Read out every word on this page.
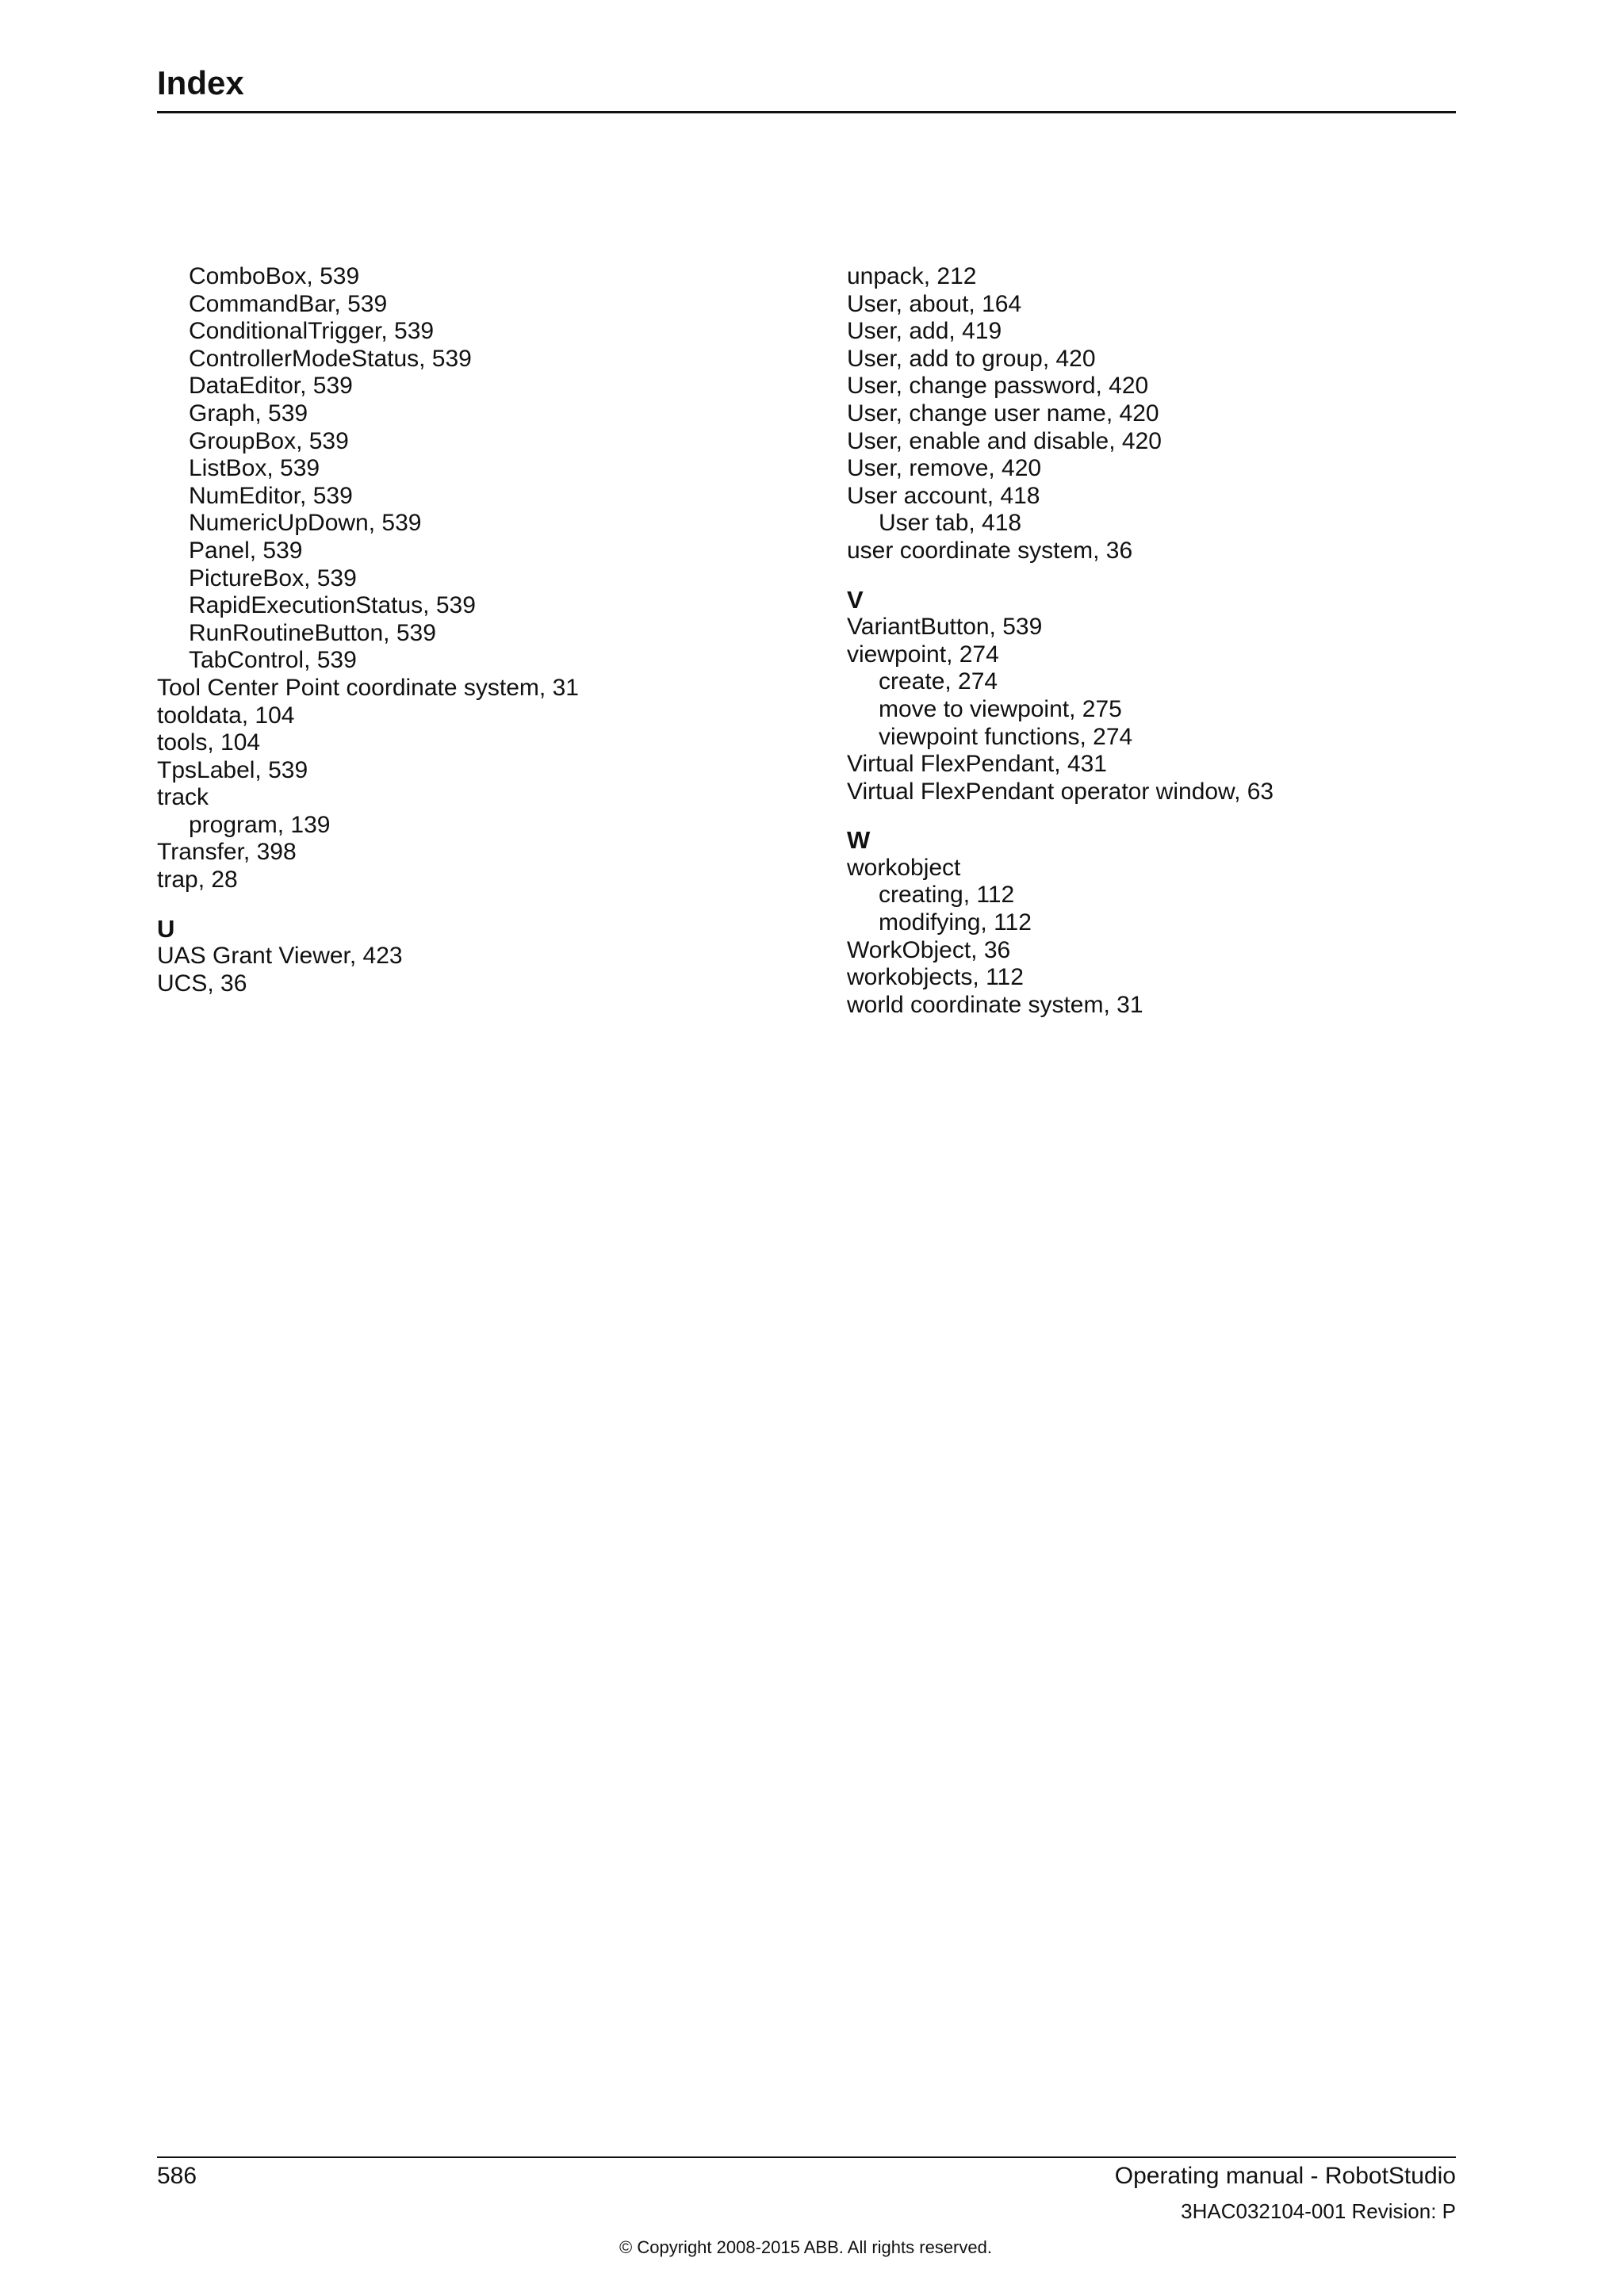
Index
ComboBox, 539
CommandBar, 539
ConditionalTrigger, 539
ControllerModeStatus, 539
DataEditor, 539
Graph, 539
GroupBox, 539
ListBox, 539
NumEditor, 539
NumericUpDown, 539
Panel, 539
PictureBox, 539
RapidExecutionStatus, 539
RunRoutineButton, 539
TabControl, 539
Tool Center Point coordinate system, 31
tooldata, 104
tools, 104
TpsLabel, 539
track
program, 139
Transfer, 398
trap, 28
U
UAS Grant Viewer, 423
UCS, 36
unpack, 212
User, about, 164
User, add, 419
User, add to group, 420
User, change password, 420
User, change user name, 420
User, enable and disable, 420
User, remove, 420
User account, 418
User tab, 418
user coordinate system, 36
V
VariantButton, 539
viewpoint, 274
create, 274
move to viewpoint, 275
viewpoint functions, 274
Virtual FlexPendant, 431
Virtual FlexPendant operator window, 63
W
workobject
creating, 112
modifying, 112
WorkObject, 36
workobjects, 112
world coordinate system, 31
586	Operating manual - RobotStudio
3HAC032104-001 Revision: P
© Copyright 2008-2015 ABB. All rights reserved.
